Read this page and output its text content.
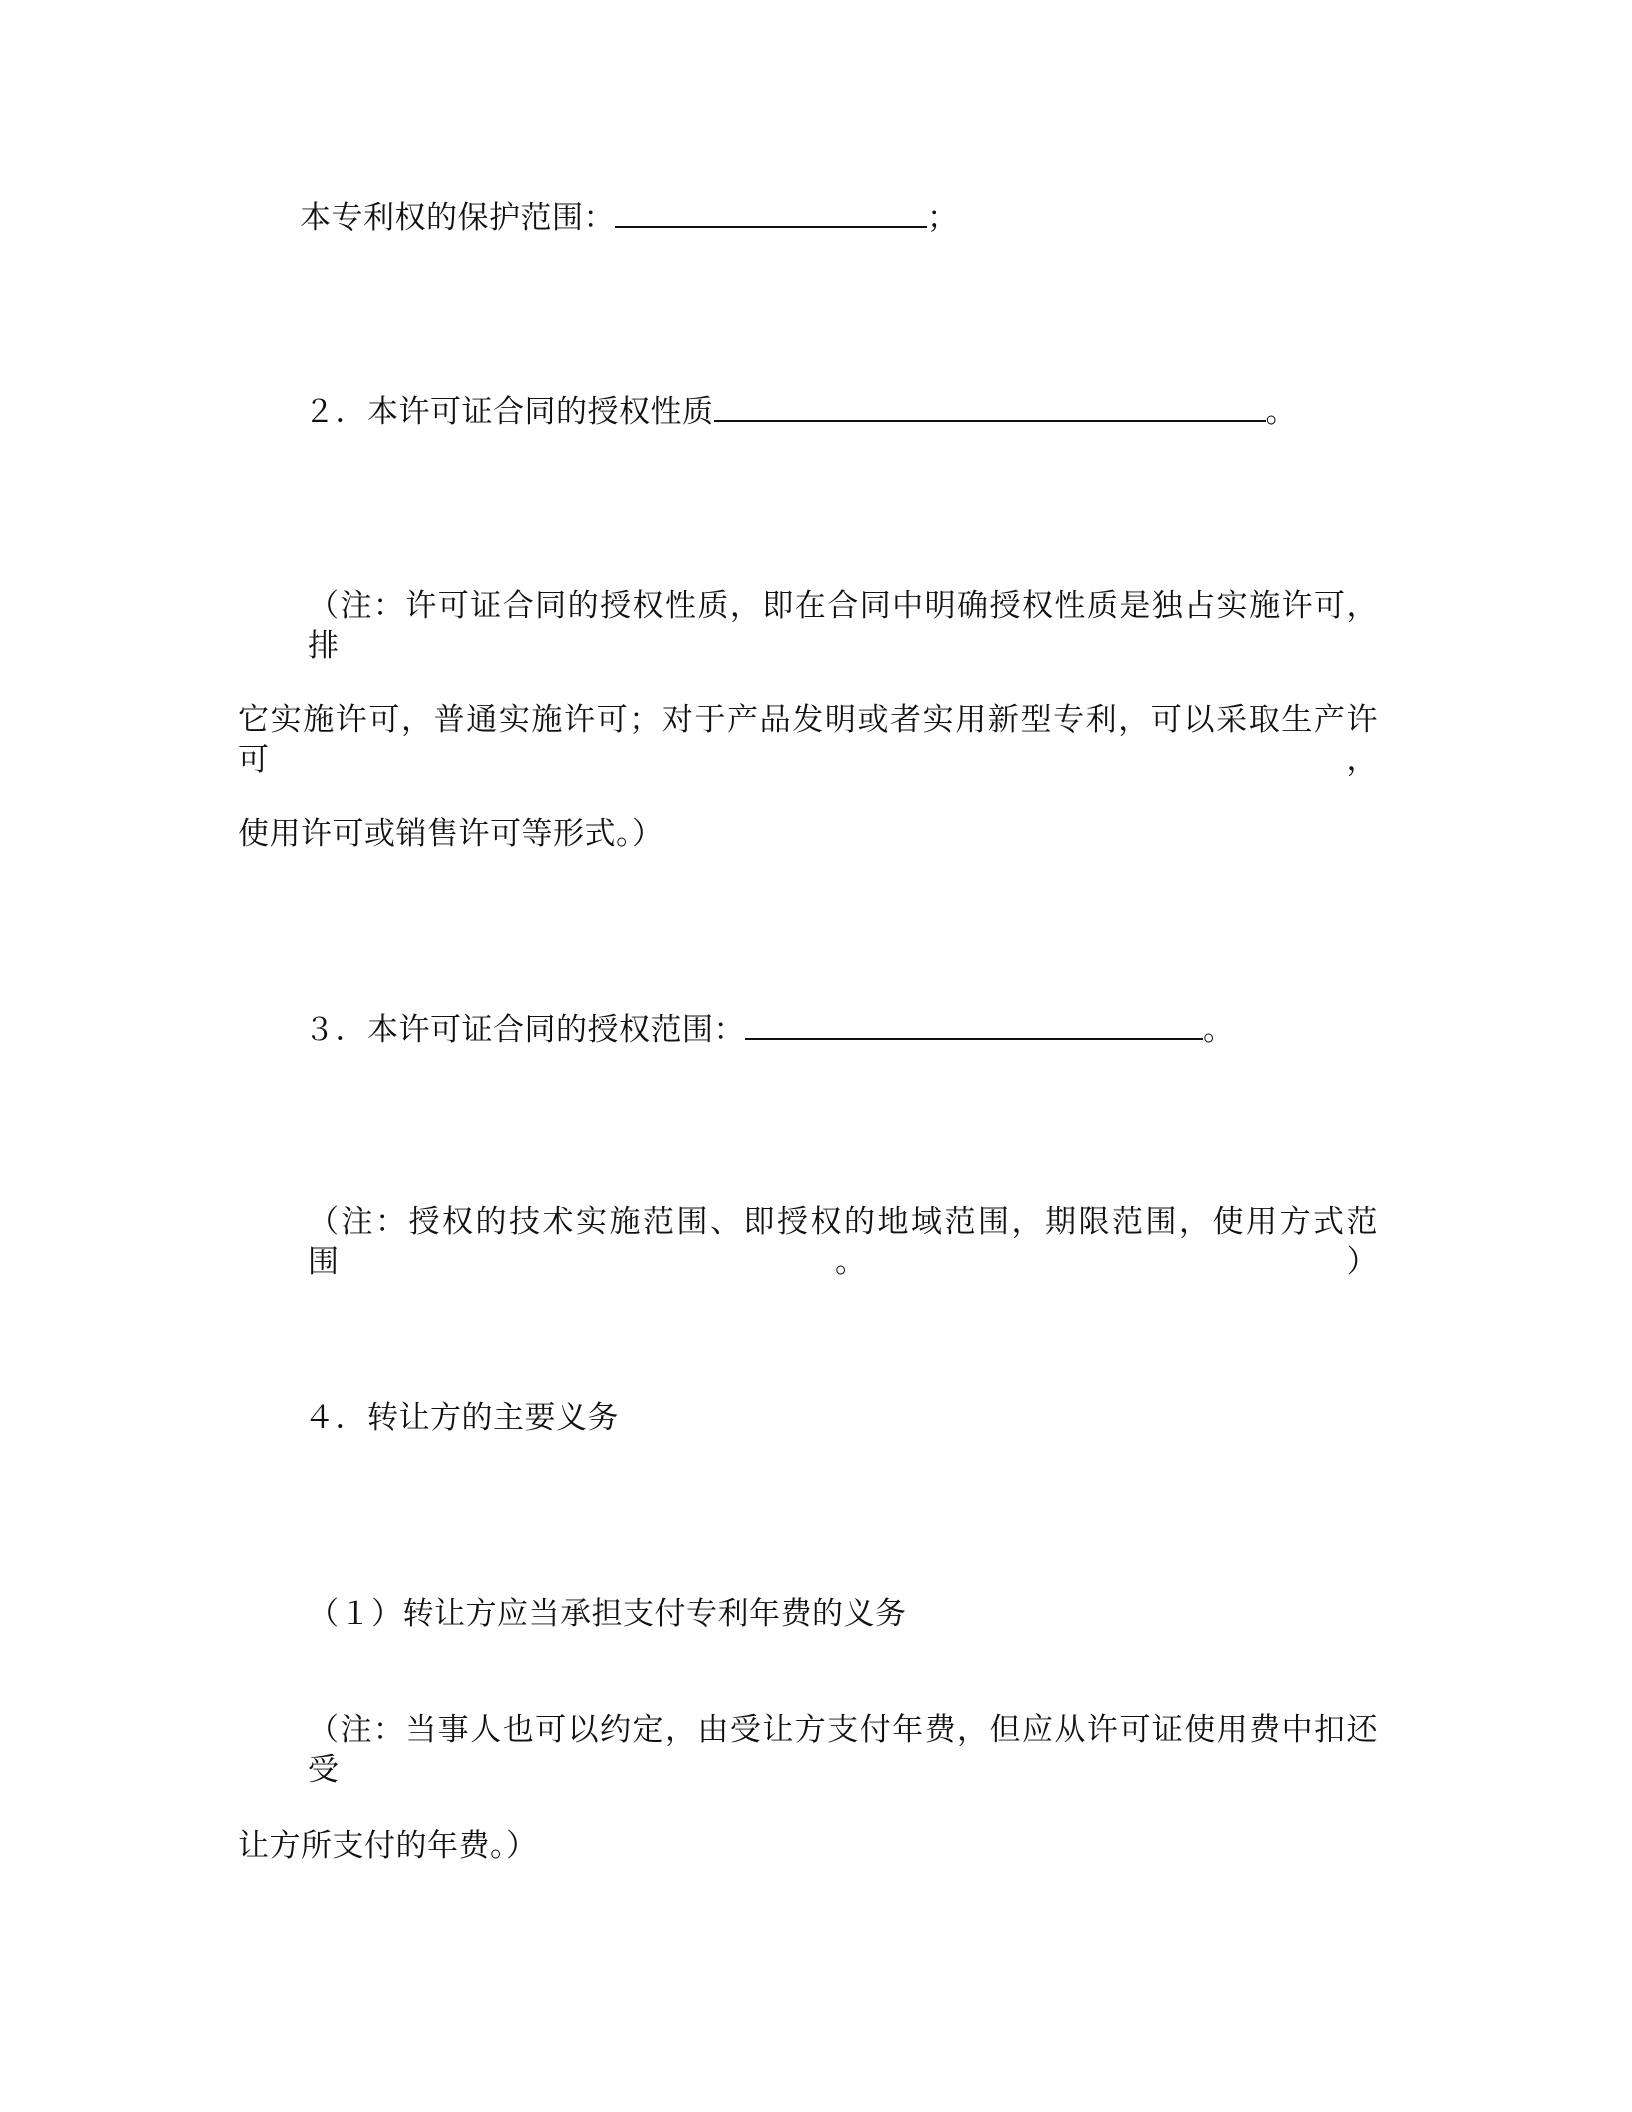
本专利权的保护范围：	；
２．本许可证合同的授权性质	。
（注：许可证合同的授权性质，即在合同中明确授权性质是独占实施许可，排
它实施许可，普通实施许可；对于产品发明或者实用新型专利，可以采取生产许可，
使用许可或销售许可等形式。）
３．本许可证合同的授权范围：	。
（注：授权的技术实施范围、即授权的地域范围，期限范围，使用方式范围。）
４．转让方的主要义务
（１）转让方应当承担支付专利年费的义务
（注：当事人也可以约定，由受让方支付年费，但应从许可证使用费中扣还受
让方所支付的年费。）
